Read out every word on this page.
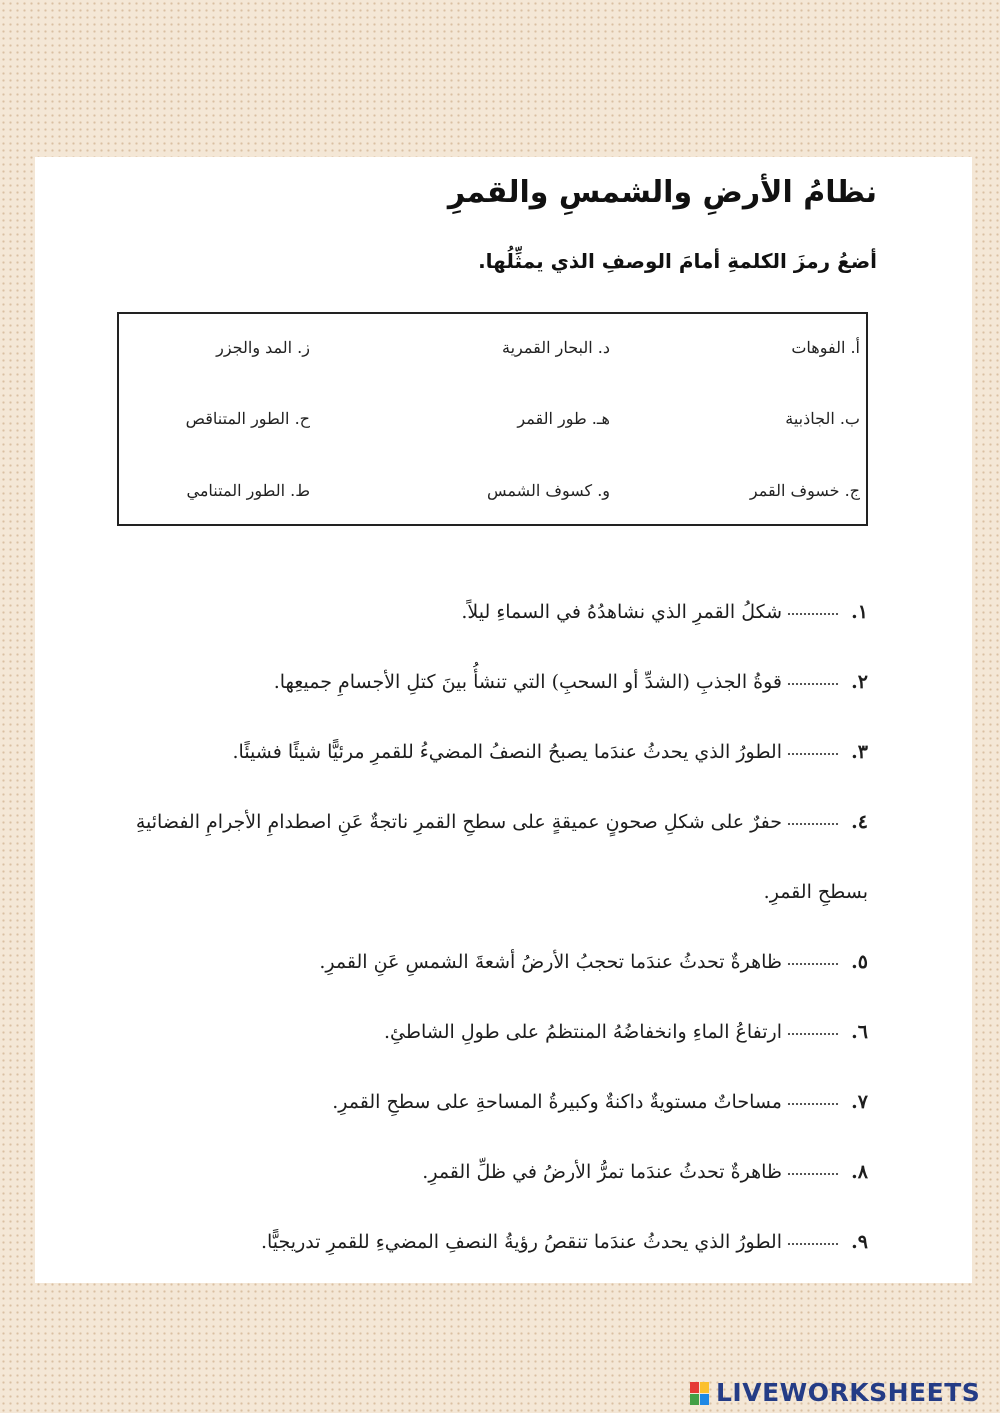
نظامُ الأرضِ والشمسِ والقمرِ

أضعُ رمزَ الكلمةِ أمامَ الوصفِ الذي يمثِّلُها.

أ. الفوهات
د. البحار القمرية
ز. المد والجزر
ب. الجاذبية
هـ. طور القمر
ح. الطور المتناقص
ج. خسوف القمر
و. كسوف الشمس
ط. الطور المتنامي
١.شكلُ القمرِ الذي نشاهدُهُ في السماءِ ليلاً.
٢.قوةُ الجذبِ (الشدِّ أو السحبِ) التي تنشأُ بينَ كتلِ الأجسامِ جميعِها.
٣.الطورُ الذي يحدثُ عندَما يصبحُ النصفُ المضيءُ للقمرِ مرئيًّا شيئًا فشيئًا.
٤.حفرٌ على شكلِ صحونٍ عميقةٍ على سطحِ القمرِ ناتجةٌ عَنِ اصطدامِ الأجرامِ الفضائيةِ بسطحِ القمرِ.
٥.ظاهرةٌ تحدثُ عندَما تحجبُ الأرضُ أشعةَ الشمسِ عَنِ القمرِ.
٦.ارتفاعُ الماءِ وانخفاضُهُ المنتظمُ على طولِ الشاطئِ.
٧.مساحاتٌ مستويةٌ داكنةٌ وكبيرةُ المساحةِ على سطحِ القمرِ.
٨.ظاهرةٌ تحدثُ عندَما تمرُّ الأرضُ في ظلِّ القمرِ.
٩.الطورُ الذي يحدثُ عندَما تنقصُ رؤيةُ النصفِ المضيءِ للقمرِ تدريجيًّا.
LIVEWORKSHEETS
